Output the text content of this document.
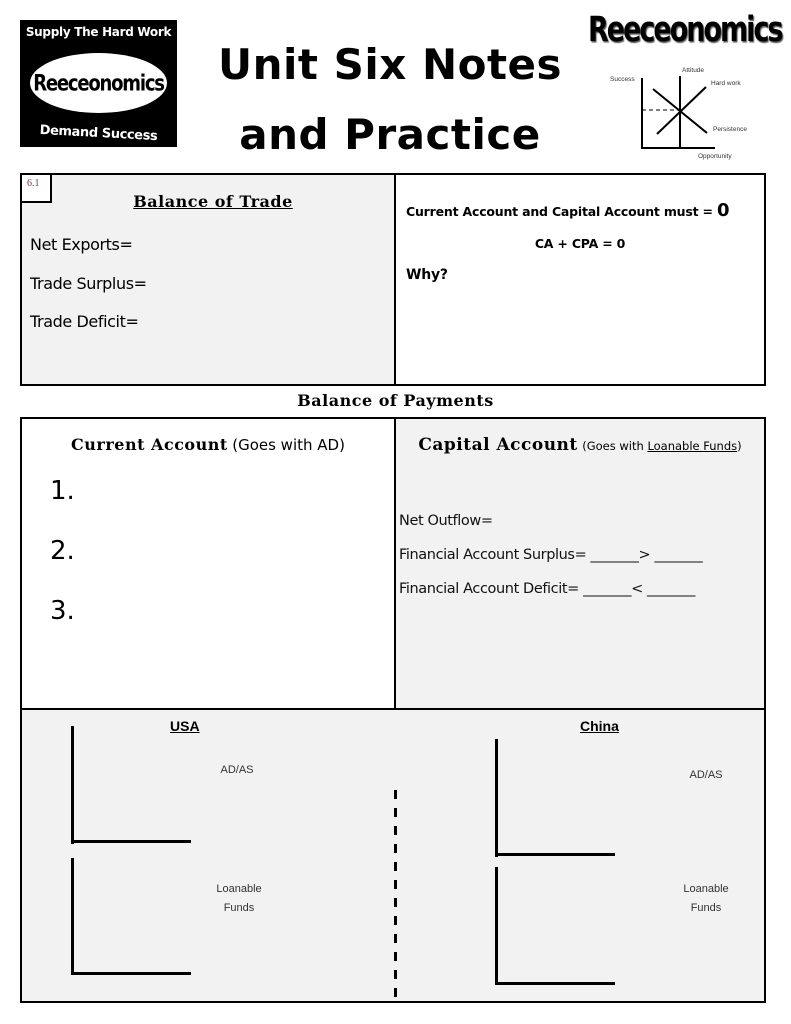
Supply The Hard Work
Reeceonomics
Demand Success
Unit Six Notes
and Practice
Reeceonomics
Success
Attitude
Hard work
Persistence
Opportunity
6.1
Balance of Trade
Net Exports=
Trade Surplus=
Trade Deficit=
Current Account and Capital Account must = 0
CA + CPA = 0
Why?
Balance of Payments
Current Account (Goes with AD)
1.
2.
3.
Capital Account (Goes with Loanable Funds)
Net Outflow=
Financial Account Surplus= _______> _______
Financial Account Deficit= _______< _______
USA
AD/AS
Loanable
Funds
China
AD/AS
Loanable
Funds
